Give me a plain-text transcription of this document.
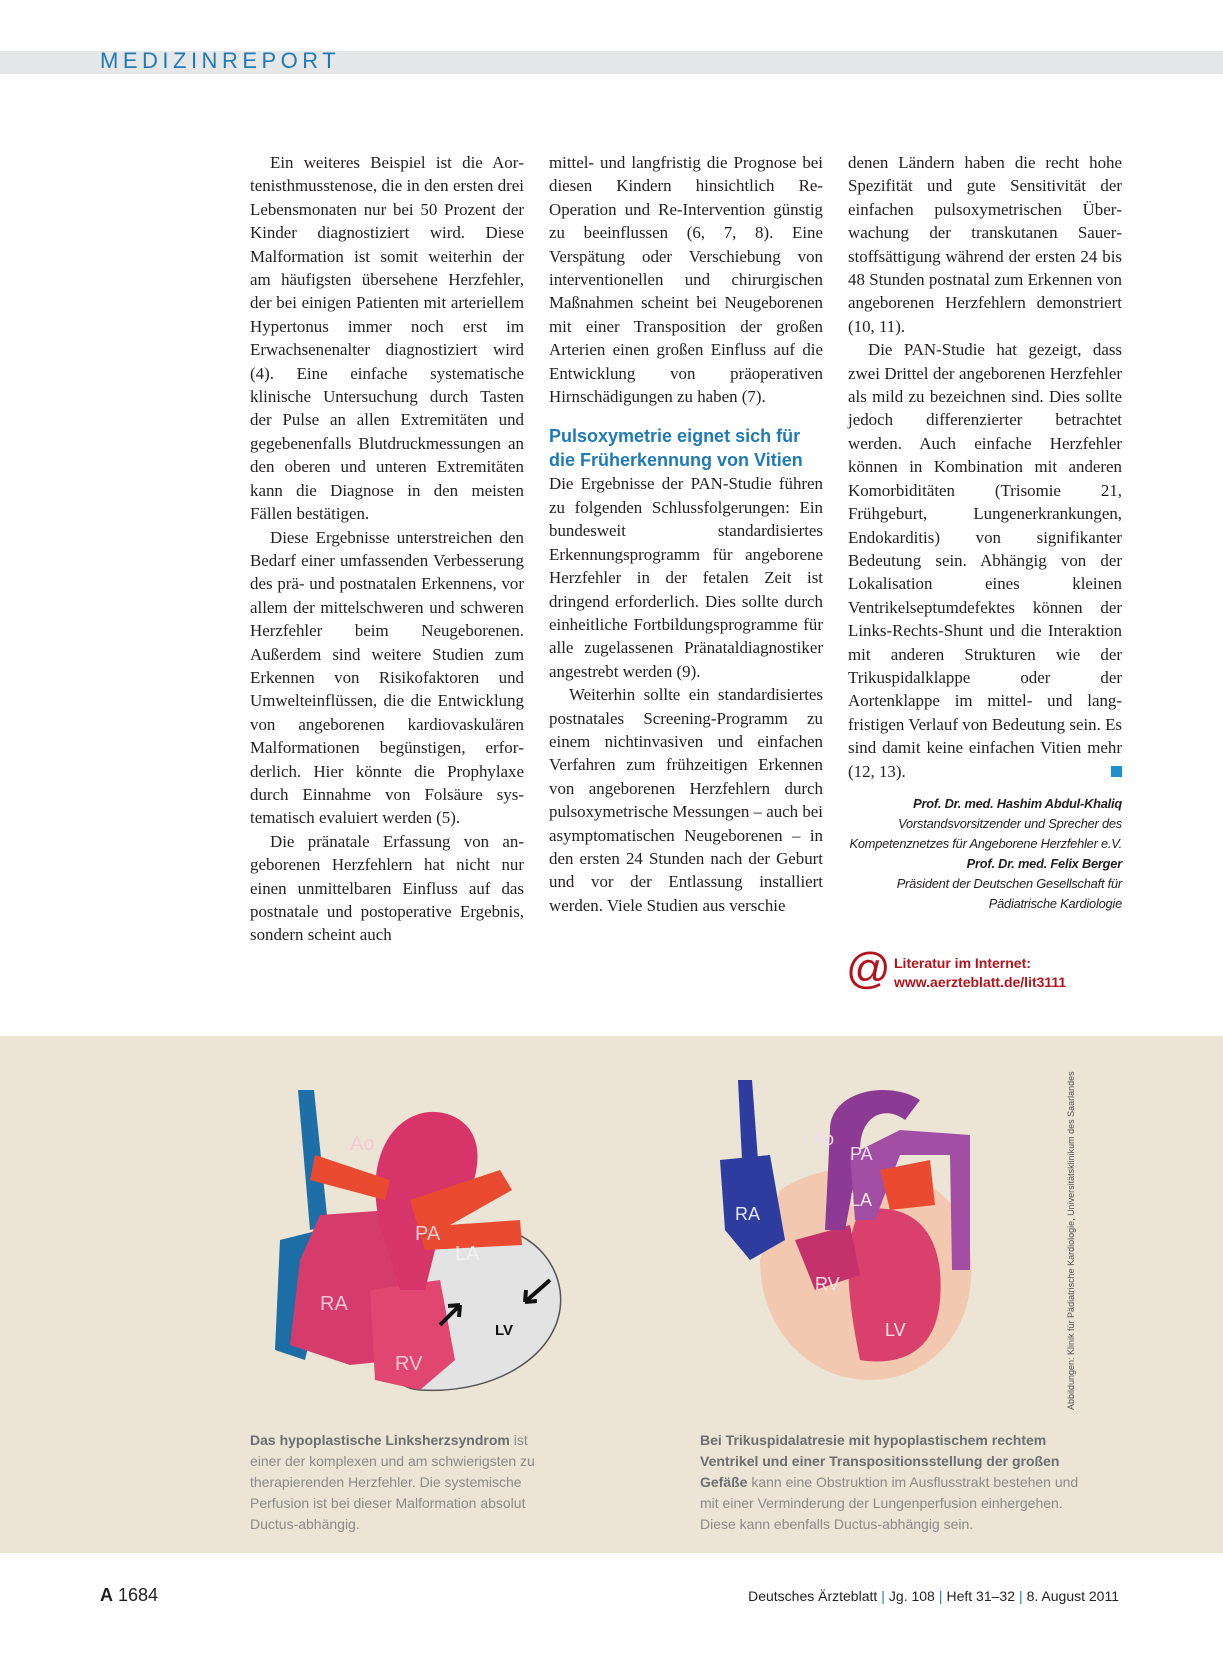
MEDIZINREPORT

Ein weiteres Beispiel ist die Aortenisthmusstenose, die in den ersten drei Lebensmonaten nur bei 50 Prozent der Kinder diagnostiziert wird. Diese Malformation ist somit weiterhin der am häufigsten übersehene Herzfehler, der bei einigen Patienten mit arteriellem Hypertonus immer noch erst im Erwachsenenalter diagnostiziert wird (4). Eine einfache systematische klinische Untersuchung durch Tasten der Pulse an allen Extremitäten und gegebenenfalls Blutdruckmessungen an den oberen und unteren Extremitäten kann die Diagnose in den meisten Fällen bestätigen.

Diese Ergebnisse unterstreichen den Bedarf einer umfassenden Verbesserung des prä- und postnatalen Erkennens, vor allem der mittelschweren und schweren Herzfehler beim Neugeborenen. Außerdem sind weitere Studien zum Erkennen von Risikofaktoren und Umwelteinflüssen, die die Entwicklung von angeborenen kardiovaskulären Malformationen begünstigen, erforderlich. Hier könnte die Prophylaxe durch Einnahme von Folsäure systematisch evaluiert werden (5).

Die pränatale Erfassung von angeborenen Herzfehlern hat nicht nur einen unmittelbaren Einfluss auf das postnatale und postoperative Ergebnis, sondern scheint auch

mittel- und langfristig die Prognose bei diesen Kindern hinsichtlich Re-Operation und Re-Intervention günstig zu beeinflussen (6, 7, 8). Eine Verspätung oder Verschiebung von interventionellen und chirurgischen Maßnahmen scheint bei Neugeborenen mit einer Transposition der großen Arterien einen großen Einfluss auf die Entwicklung von präoperativen Hirnschädigungen zu haben (7).

Pulsoxymetrie eignet sich für
die Früherkennung von Vitien

Die Ergebnisse der PAN-Studie führen zu folgenden Schlussfolgerungen: Ein bundesweit standardisiertes Erkennungsprogramm für angeborene Herzfehler in der fetalen Zeit ist dringend erforderlich. Dies sollte durch einheitliche Fortbildungsprogramme für alle zugelassenen Pränataldiagnostiker angestrebt werden (9).

Weiterhin sollte ein standardisiertes postnatales Screening-Programm zu einem nichtinvasiven und einfachen Verfahren zum frühzeitigen Erkennen von angeborenen Herzfehlern durch pulsoxymetrische Messungen – auch bei asymptomatischen Neugeborenen – in den ersten 24 Stunden nach der Geburt und vor der Entlassung installiert werden. Viele Studien aus verschie

denen Ländern haben die recht hohe Spezifität und gute Sensitivität der einfachen pulsoxymetrischen Überwachung der transkutanen Sauerstoffsättigung während der ersten 24 bis 48 Stunden postnatal zum Erkennen von angeborenen Herzfehlern demonstriert (10, 11).

Die PAN-Studie hat gezeigt, dass zwei Drittel der angeborenen Herzfehler als mild zu bezeichnen sind. Dies sollte jedoch differenzierter betrachtet werden. Auch einfache Herzfehler können in Kombination mit anderen Komorbiditäten (Trisomie 21, Frühgeburt, Lungenerkrankungen, Endokarditis) von signifikanter Bedeutung sein. Abhängig von der Lokalisation eines kleinen Ventrikelseptumdefektes können der Links-Rechts-Shunt und die Interaktion mit anderen Strukturen wie der Trikuspidalklappe oder der Aortenklappe im mittel- und langfristigen Verlauf von Bedeutung sein. Es sind damit keine einfachen Vitien mehr (12, 13).

Prof. Dr. med. Hashim Abdul-Khaliq
Vorstandsvorsitzender und Sprecher des
Kompetenznetzes für Angeborene Herzfehler e.V.
Prof. Dr. med. Felix Berger
Präsident der Deutschen Gesellschaft für
Pädiatrische Kardiologie
@ Literatur im Internet:
www.aerzteblatt.de/lit3111
Ao
PA
LA
RA
RV
LV
Ao
PA
LA
RA
RV
LV	Abbildungen: Klinik für Pädiatrische Kardiologie, Universitätsklinikum des Saarlandes
Das hypoplastische Linksherzsyndrom ist einer der komplexen und am schwierigsten zu therapierenden Herzfehler. Die systemische Perfusion ist bei dieser Malformation absolut Ductus-abhängig.
Bei Trikuspidalatresie mit hypoplastischem rechtem Ventrikel und einer Transpositionsstellung der großen Gefäße kann eine Obstruktion im Ausflusstrakt bestehen und mit einer Verminderung der Lungenperfusion einhergehen. Diese kann ebenfalls Ductus-abhängig sein.
A 1684	Deutsches Ärzteblatt | Jg. 108 | Heft 31–32 | 8. August 2011
